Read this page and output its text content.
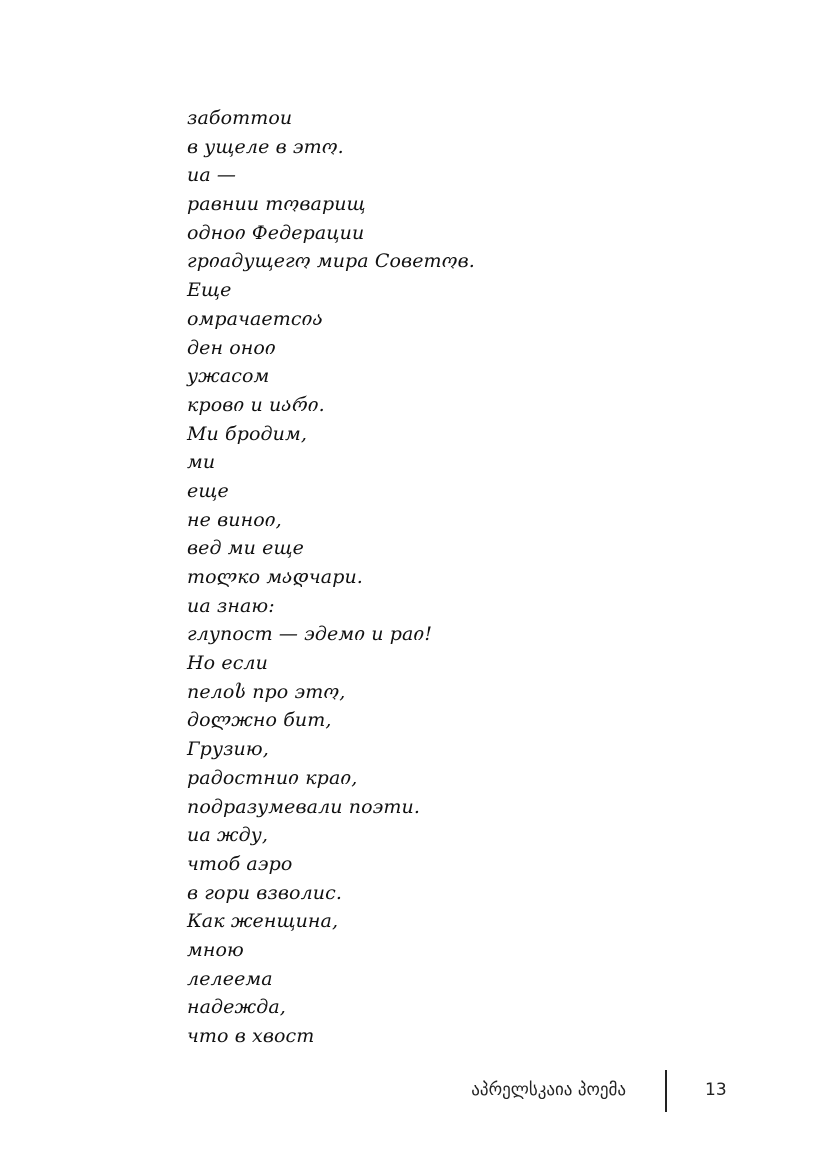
заботтои
в ущеле в этო.
иа —
равнии тოварищ
одноი Федерации
грიадущегო мира Советოв.
Еще
омрачаетсია
ден оноი
ужасом
кровი и иარი.
Ми бродим,
ми
еще
не виноი,
вед ми еще
тоლко мადчари.
иа знаю:
глупост — эдемი и раი!
Но если
пелоს про этო,
доლжно бит,
Грузию,
радостниი краი,
подразумевали поэти.
иа жду,
чтоб аэро
в гори взволис.
Как женщина,
мною
лелеема
надежда,
что в хвост
აპრელსკაია პოემა	13
